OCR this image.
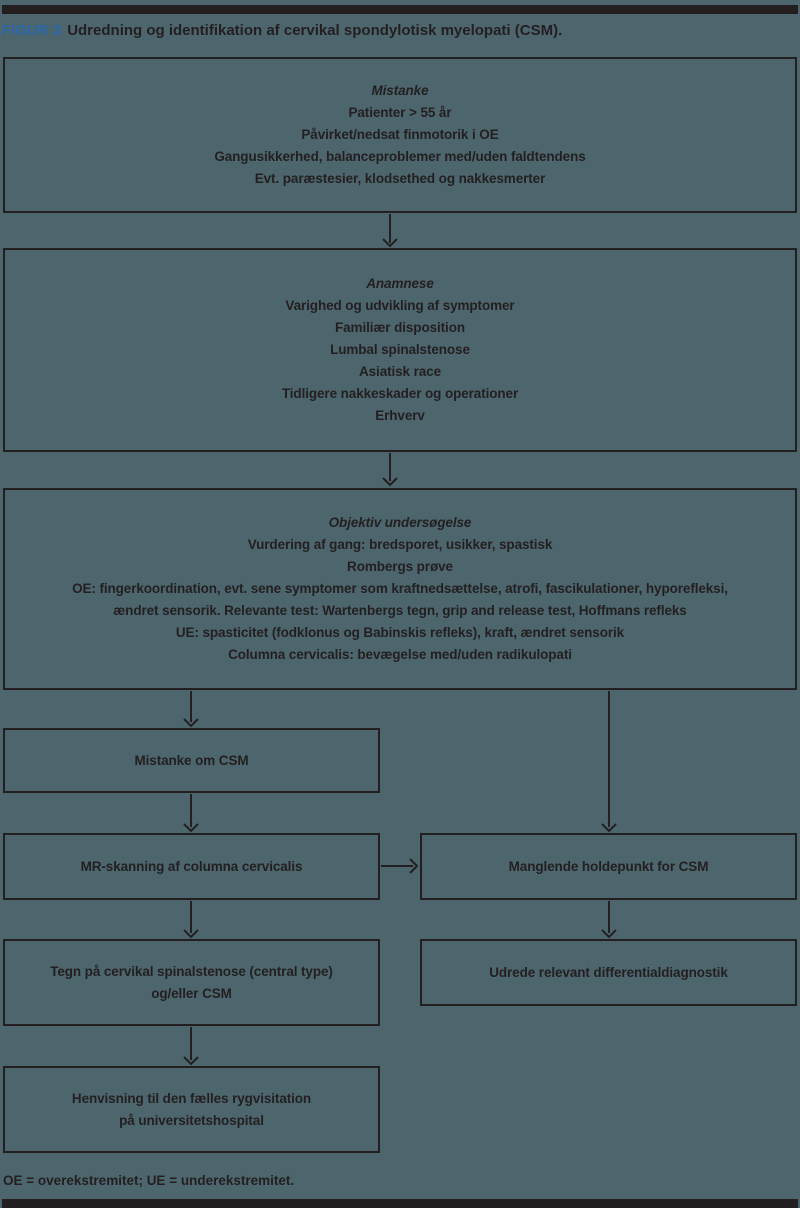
FIGUR 3 Udredning og identifikation af cervikal spondylotisk myelopati (CSM).
Mistanke
Patienter > 55 år
Påvirket/nedsat finmotorik i OE
Gangusikkerhed, balanceproblemer med/uden faldtendens
Evt. paræstesier, klodsethed og nakkesmerter
Anamnese
Varighed og udvikling af symptomer
Familiær disposition
Lumbal spinalstenose
Asiatisk race
Tidligere nakkeskader og operationer
Erhverv
Objektiv undersøgelse
Vurdering af gang: bredsporet, usikker, spastisk
Rombergs prøve
OE: fingerkoordination, evt. sene symptomer som kraftnedsættelse, atrofi, fascikulationer, hyporefleksi,
ændret sensorik. Relevante test: Wartenbergs tegn, grip and release test, Hoffmans refleks
UE: spasticitet (fodklonus og Babinskis refleks), kraft, ændret sensorik
Columna cervicalis: bevægelse med/uden radikulopati
Mistanke om CSM
MR-skanning af columna cervicalis	Manglende holdepunkt for CSM
Tegn på cervikal spinalstenose (central type)
og/eller CSM
Udrede relevant differentialdiagnostik
Henvisning til den fælles rygvisitation
på universitetshospital
OE = overekstremitet; UE = underekstremitet.
